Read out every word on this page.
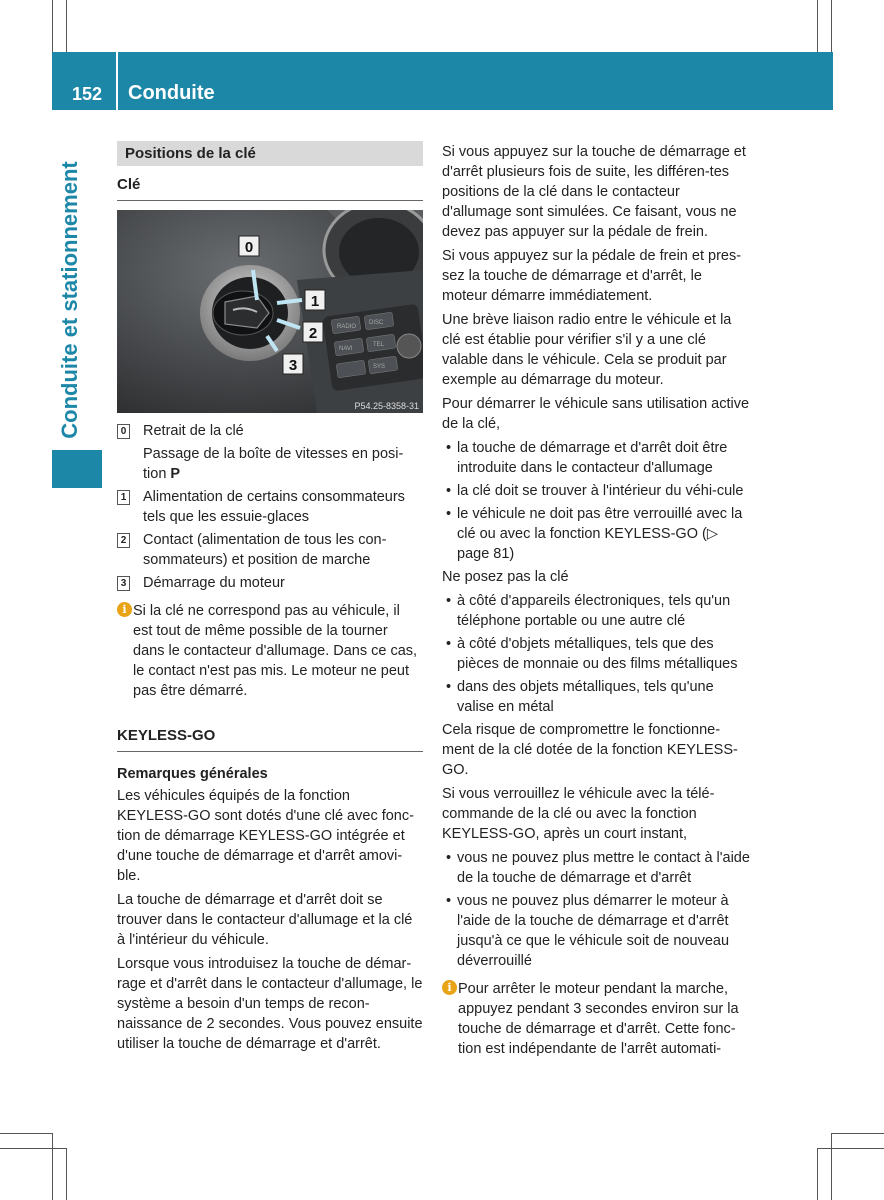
152 Conduite
Conduite et stationnement
Positions de la clé
Clé
0
1
2
3
RADIO
DISC
NAVI
TEL
SYS
P54.25-8358-31
0 Retrait de la clé
Passage de la boîte de vitesses en posi-tion P
1 Alimentation de certains consommateurs tels que les essuie-glaces
2 Contact (alimentation de tous les con-sommateurs) et position de marche
3 Démarrage du moteur
i Si la clé ne correspond pas au véhicule, il est tout de même possible de la tourner dans le contacteur d'allumage. Dans ce cas, le contact n'est pas mis. Le moteur ne peut pas être démarré.
KEYLESS-GO

Remarques générales

Les véhicules équipés de la fonction KEYLESS-GO sont dotés d'une clé avec fonc-tion de démarrage KEYLESS-GO intégrée et d'une touche de démarrage et d'arrêt amovi-ble.

La touche de démarrage et d'arrêt doit se trouver dans le contacteur d'allumage et la clé à l'intérieur du véhicule.

Lorsque vous introduisez la touche de démar-rage et d'arrêt dans le contacteur d'allumage, le système a besoin d'un temps de recon-naissance de 2 secondes. Vous pouvez ensuite utiliser la touche de démarrage et d'arrêt.

Si vous appuyez sur la touche de démarrage et d'arrêt plusieurs fois de suite, les différen-tes positions de la clé dans le contacteur d'allumage sont simulées. Ce faisant, vous ne devez pas appuyer sur la pédale de frein.

Si vous appuyez sur la pédale de frein et pres-sez la touche de démarrage et d'arrêt, le moteur démarre immédiatement.

Une brève liaison radio entre le véhicule et la clé est établie pour vérifier s'il y a une clé valable dans le véhicule. Cela se produit par exemple au démarrage du moteur.

Pour démarrer le véhicule sans utilisation active de la clé,

• la touche de démarrage et d'arrêt doit être introduite dans le contacteur d'allumage
• la clé doit se trouver à l'intérieur du véhi-cule
• le véhicule ne doit pas être verrouillé avec la clé ou avec la fonction KEYLESS-GO (▷ page 81)

Ne posez pas la clé

• à côté d'appareils électroniques, tels qu'un téléphone portable ou une autre clé
• à côté d'objets métalliques, tels que des pièces de monnaie ou des films métalliques
• dans des objets métalliques, tels qu'une valise en métal

Cela risque de compromettre le fonctionne-ment de la clé dotée de la fonction KEYLESS-GO.

Si vous verrouillez le véhicule avec la télé-commande de la clé ou avec la fonction KEYLESS-GO, après un court instant,

• vous ne pouvez plus mettre le contact à l'aide de la touche de démarrage et d'arrêt
• vous ne pouvez plus démarrer le moteur à l'aide de la touche de démarrage et d'arrêt jusqu'à ce que le véhicule soit de nouveau déverrouillé
i Pour arrêter le moteur pendant la marche, appuyez pendant 3 secondes environ sur la touche de démarrage et d'arrêt. Cette fonc-tion est indépendante de l'arrêt automati-
